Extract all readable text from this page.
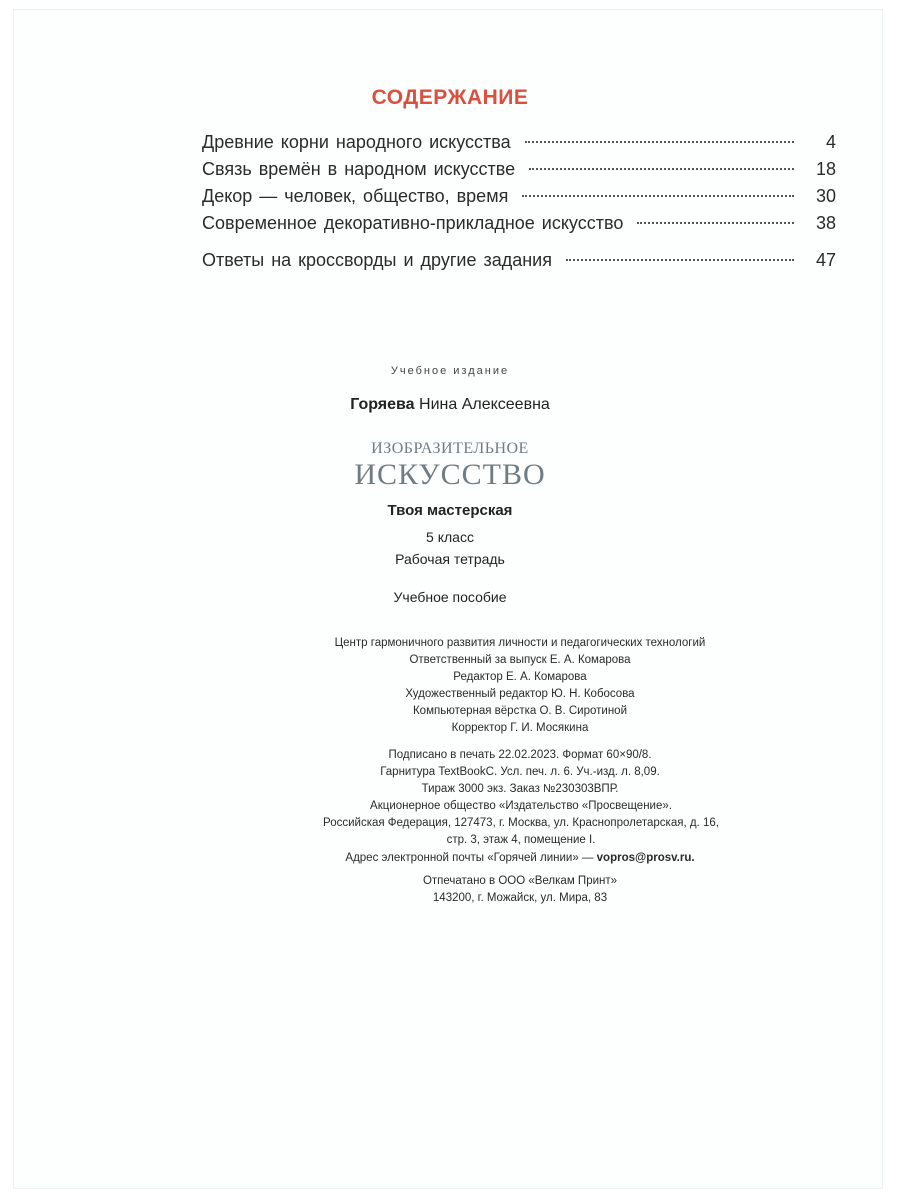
СОДЕРЖАНИЕ
Древние корни народного искусства	4
Связь времён в народном искусстве	18
Декор — человек, общество, время	30
Современное декоративно-прикладное искусство	38
Ответы на кроссворды и другие задания	47
Учебное издание
Горяева Нина Алексеевна
ИЗОБРАЗИТЕЛЬНОЕ
ИСКУССТВО
Твоя мастерская
5 класс
Рабочая тетрадь
Учебное пособие
Центр гармоничного развития личности и педагогических технологий
Ответственный за выпуск Е. А. Комарова
Редактор Е. А. Комарова
Художественный редактор Ю. Н. Кобосова
Компьютерная вёрстка О. В. Сиротиной
Корректор Г. И. Мосякина
Подписано в печать 22.02.2023. Формат 60×90/8.
Гарнитура TextBookC. Усл. печ. л. 6. Уч.-изд. л. 8,09.
Тираж 3000 экз. Заказ №230303ВПР.
Акционерное общество «Издательство «Просвещение».
Российская Федерация, 127473, г. Москва, ул. Краснопролетарская, д. 16,
стр. 3, этаж 4, помещение I.
Адрес электронной почты «Горячей линии» — vopros@prosv.ru.
Отпечатано в ООО «Велкам Принт»
143200, г. Можайск, ул. Мира, 83
